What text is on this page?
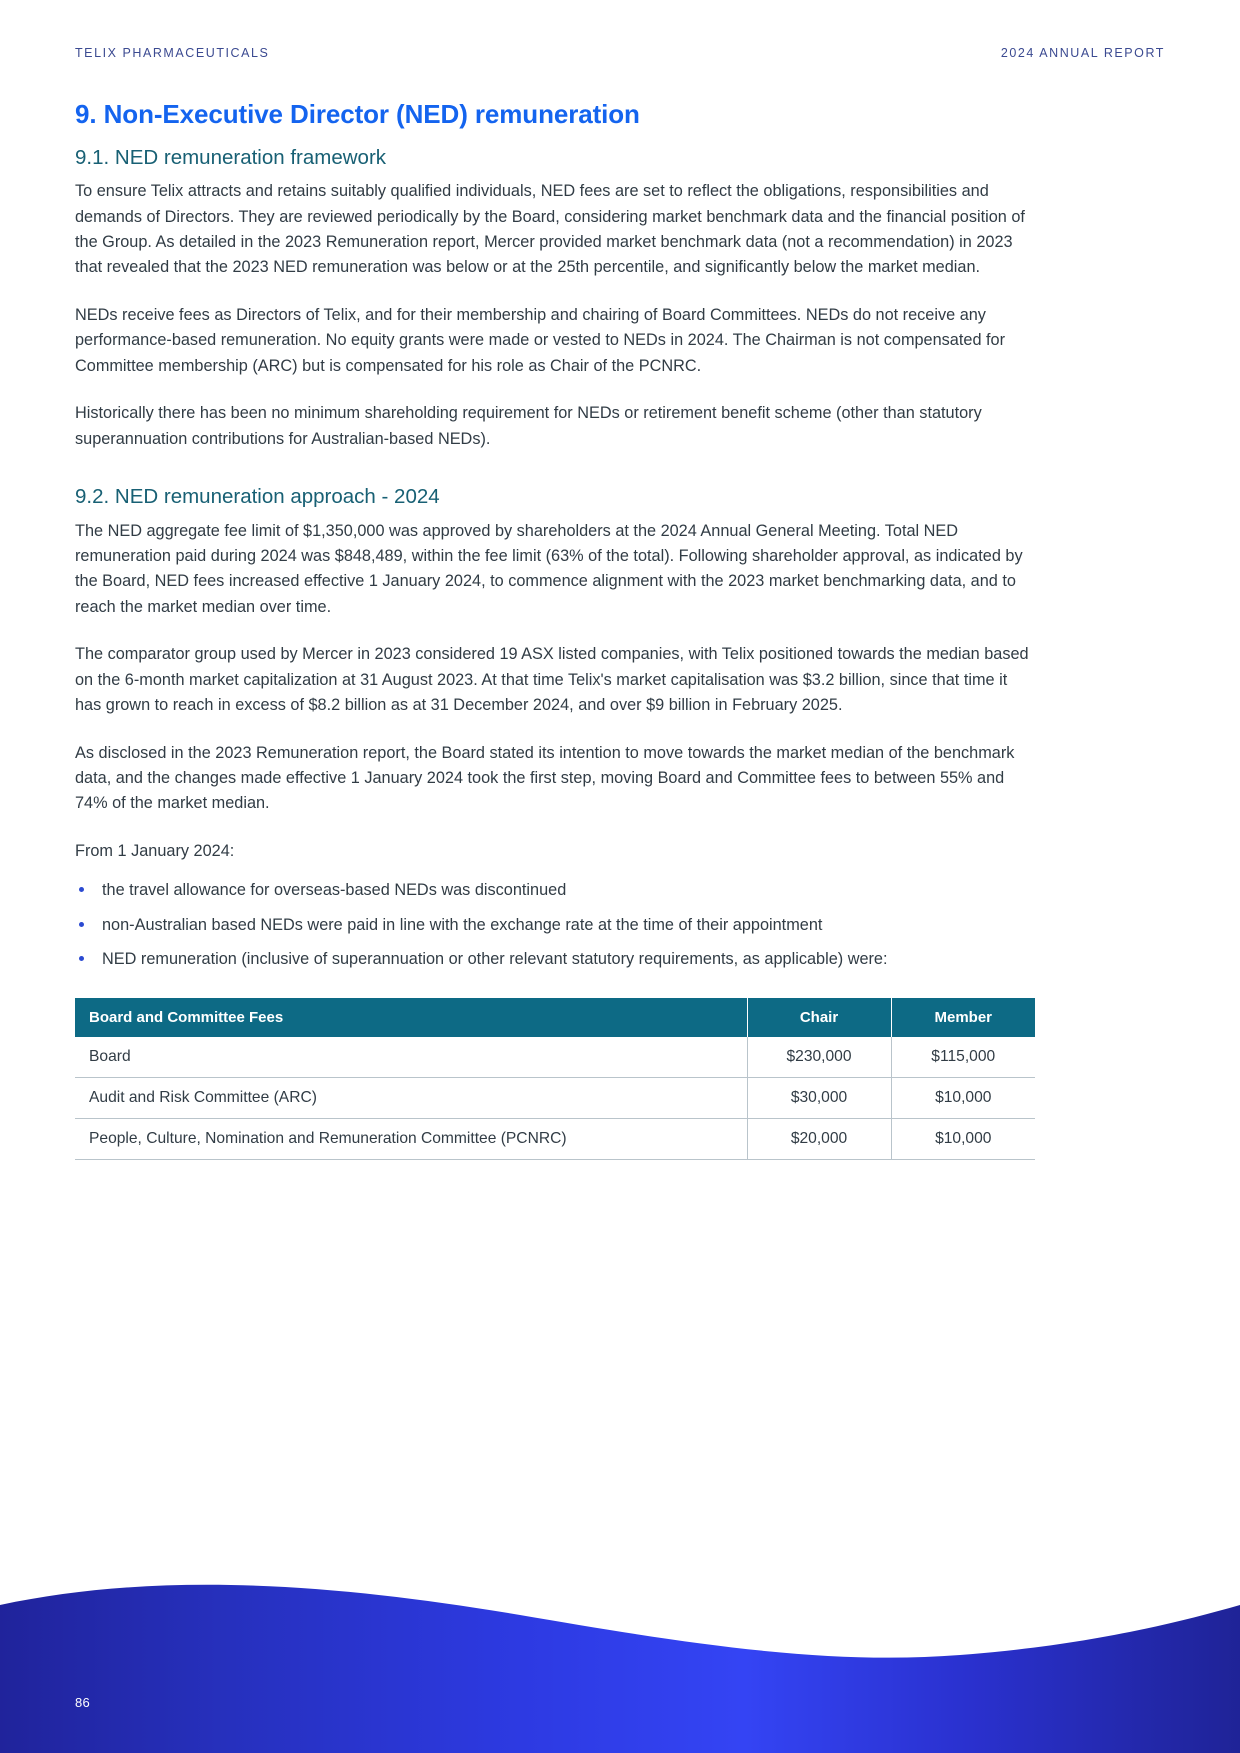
TELIX PHARMACEUTICALS	2024 ANNUAL REPORT
9. Non-Executive Director (NED) remuneration
9.1. NED remuneration framework

To ensure Telix attracts and retains suitably qualified individuals, NED fees are set to reflect the obligations, responsibilities and demands of Directors. They are reviewed periodically by the Board, considering market benchmark data and the financial position of the Group. As detailed in the 2023 Remuneration report, Mercer provided market benchmark data (not a recommendation) in 2023 that revealed that the 2023 NED remuneration was below or at the 25th percentile, and significantly below the market median.

NEDs receive fees as Directors of Telix, and for their membership and chairing of Board Committees. NEDs do not receive any performance-based remuneration. No equity grants were made or vested to NEDs in 2024. The Chairman is not compensated for Committee membership (ARC) but is compensated for his role as Chair of the PCNRC.

Historically there has been no minimum shareholding requirement for NEDs or retirement benefit scheme (other than statutory superannuation contributions for Australian-based NEDs).

9.2. NED remuneration approach - 2024

The NED aggregate fee limit of $1,350,000 was approved by shareholders at the 2024 Annual General Meeting. Total NED remuneration paid during 2024 was $848,489, within the fee limit (63% of the total). Following shareholder approval, as indicated by the Board, NED fees increased effective 1 January 2024, to commence alignment with the 2023 market benchmarking data, and to reach the market median over time.

The comparator group used by Mercer in 2023 considered 19 ASX listed companies, with Telix positioned towards the median based on the 6-month market capitalization at 31 August 2023. At that time Telix's market capitalisation was $3.2 billion, since that time it has grown to reach in excess of $8.2 billion as at 31 December 2024, and over $9 billion in February 2025.

As disclosed in the 2023 Remuneration report, the Board stated its intention to move towards the market median of the benchmark data, and the changes made effective 1 January 2024 took the first step, moving Board and Committee fees to between 55% and 74% of the market median.

From 1 January 2024:

the travel allowance for overseas-based NEDs was discontinued
non-Australian based NEDs were paid in line with the exchange rate at the time of their appointment
NED remuneration (inclusive of superannuation or other relevant statutory requirements, as applicable) were:
Board and Committee Fees	Chair	Member
Board	$230,000	$115,000
Audit and Risk Committee (ARC)	$30,000	$10,000
People, Culture, Nomination and Remuneration Committee (PCNRC)	$20,000	$10,000
86
